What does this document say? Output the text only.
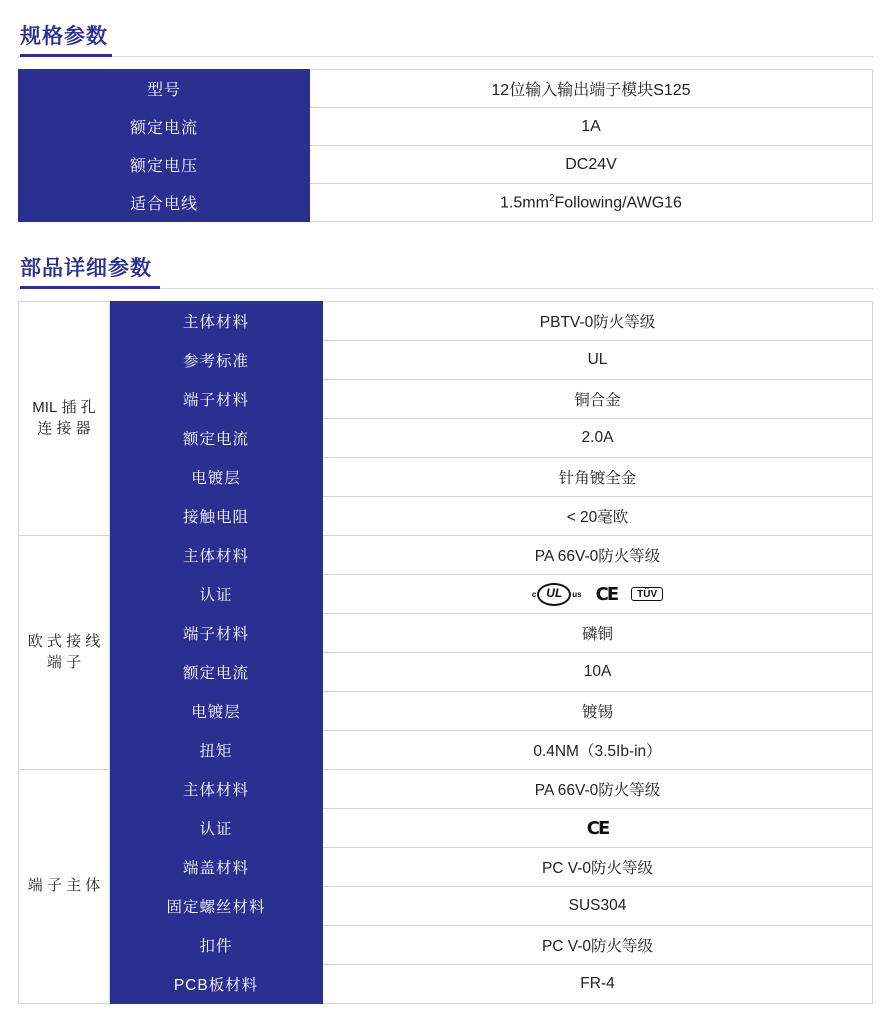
规格参数
型号	12位输入输出端子模块S125
额定电流	1A
额定电压	DC24V
适合电线	$1.5mm^2Following/AWG16$
部品详细参数
MIL 插 孔 连 接 器	主体材料	PBTV-0防火等级
	参考标准	UL
	端子材料	铜合金
	额定电流	2.0A
	电镀层	针角镀全金
	接触电阻	< 20毫欧
欧 式 接 线 端 子	主体材料	PA 66V-0防火等级
	认证	c UL us CE TÜV

	端子材料	磷铜
	额定电流	10A
	电镀层	镀锡
	扭矩	0.4NM（3.5Ib-in）
端 子 主 体	主体材料	PA 66V-0防火等级
	认证	CE

	端盖材料	PC V-0防火等级
	固定螺丝材料	SUS304
	扣件	PC V-0防火等级
	PCB板材料	FR-4
